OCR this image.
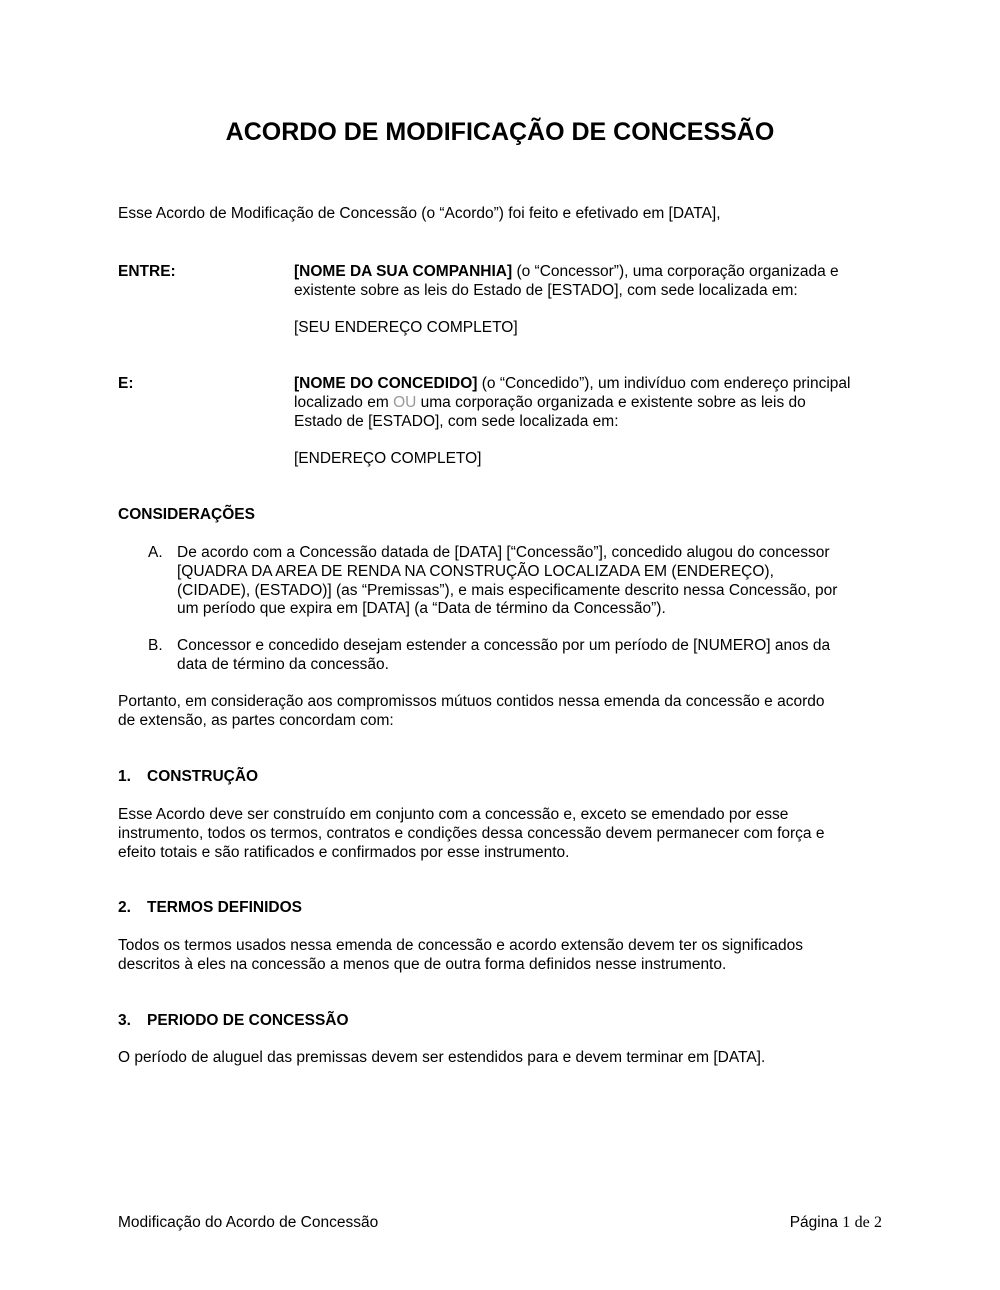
ACORDO DE MODIFICAÇÃO DE CONCESSÃO
Esse Acordo de Modificação de Concessão (o “Acordo”) foi feito e efetivado em [DATA],
ENTRE:	[NOME DA SUA COMPANHIA] (o “Concessor”), uma corporação organizada e
existente sobre as leis do Estado de [ESTADO], com sede localizada em:
[SEU ENDEREÇO COMPLETO]
E:	[NOME DO CONCEDIDO] (o “Concedido”), um indivíduo com endereço principal
localizado em OU uma corporação organizada e existente sobre as leis do
Estado de [ESTADO], com sede localizada em:
[ENDEREÇO COMPLETO]
CONSIDERAÇÕES
A. De acordo com a Concessão datada de [DATA] [“Concessão”], concedido alugou do concessor
[QUADRA DA AREA DE RENDA NA CONSTRUÇÃO LOCALIZADA EM (ENDEREÇO),
(CIDADE), (ESTADO)] (as “Premissas”), e mais especificamente descrito nessa Concessão, por
um período que expira em [DATA] (a “Data de término da Concessão”).
B. Concessor e concedido desejam estender a concessão por um período de [NUMERO] anos da
data de término da concessão.
Portanto, em consideração aos compromissos mútuos contidos nessa emenda da concessão e acordo
de extensão, as partes concordam com:
1. CONSTRUÇÃO
Esse Acordo deve ser construído em conjunto com a concessão e, exceto se emendado por esse
instrumento, todos os termos, contratos e condições dessa concessão devem permanecer com força e
efeito totais e são ratificados e confirmados por esse instrumento.
2. TERMOS DEFINIDOS
Todos os termos usados nessa emenda de concessão e acordo extensão devem ter os significados
descritos à eles na concessão a menos que de outra forma definidos nesse instrumento.
3. PERIODO DE CONCESSÃO
O período de aluguel das premissas devem ser estendidos para e devem terminar em [DATA].
Modificação do Acordo de Concessão	Página 1 de 2
